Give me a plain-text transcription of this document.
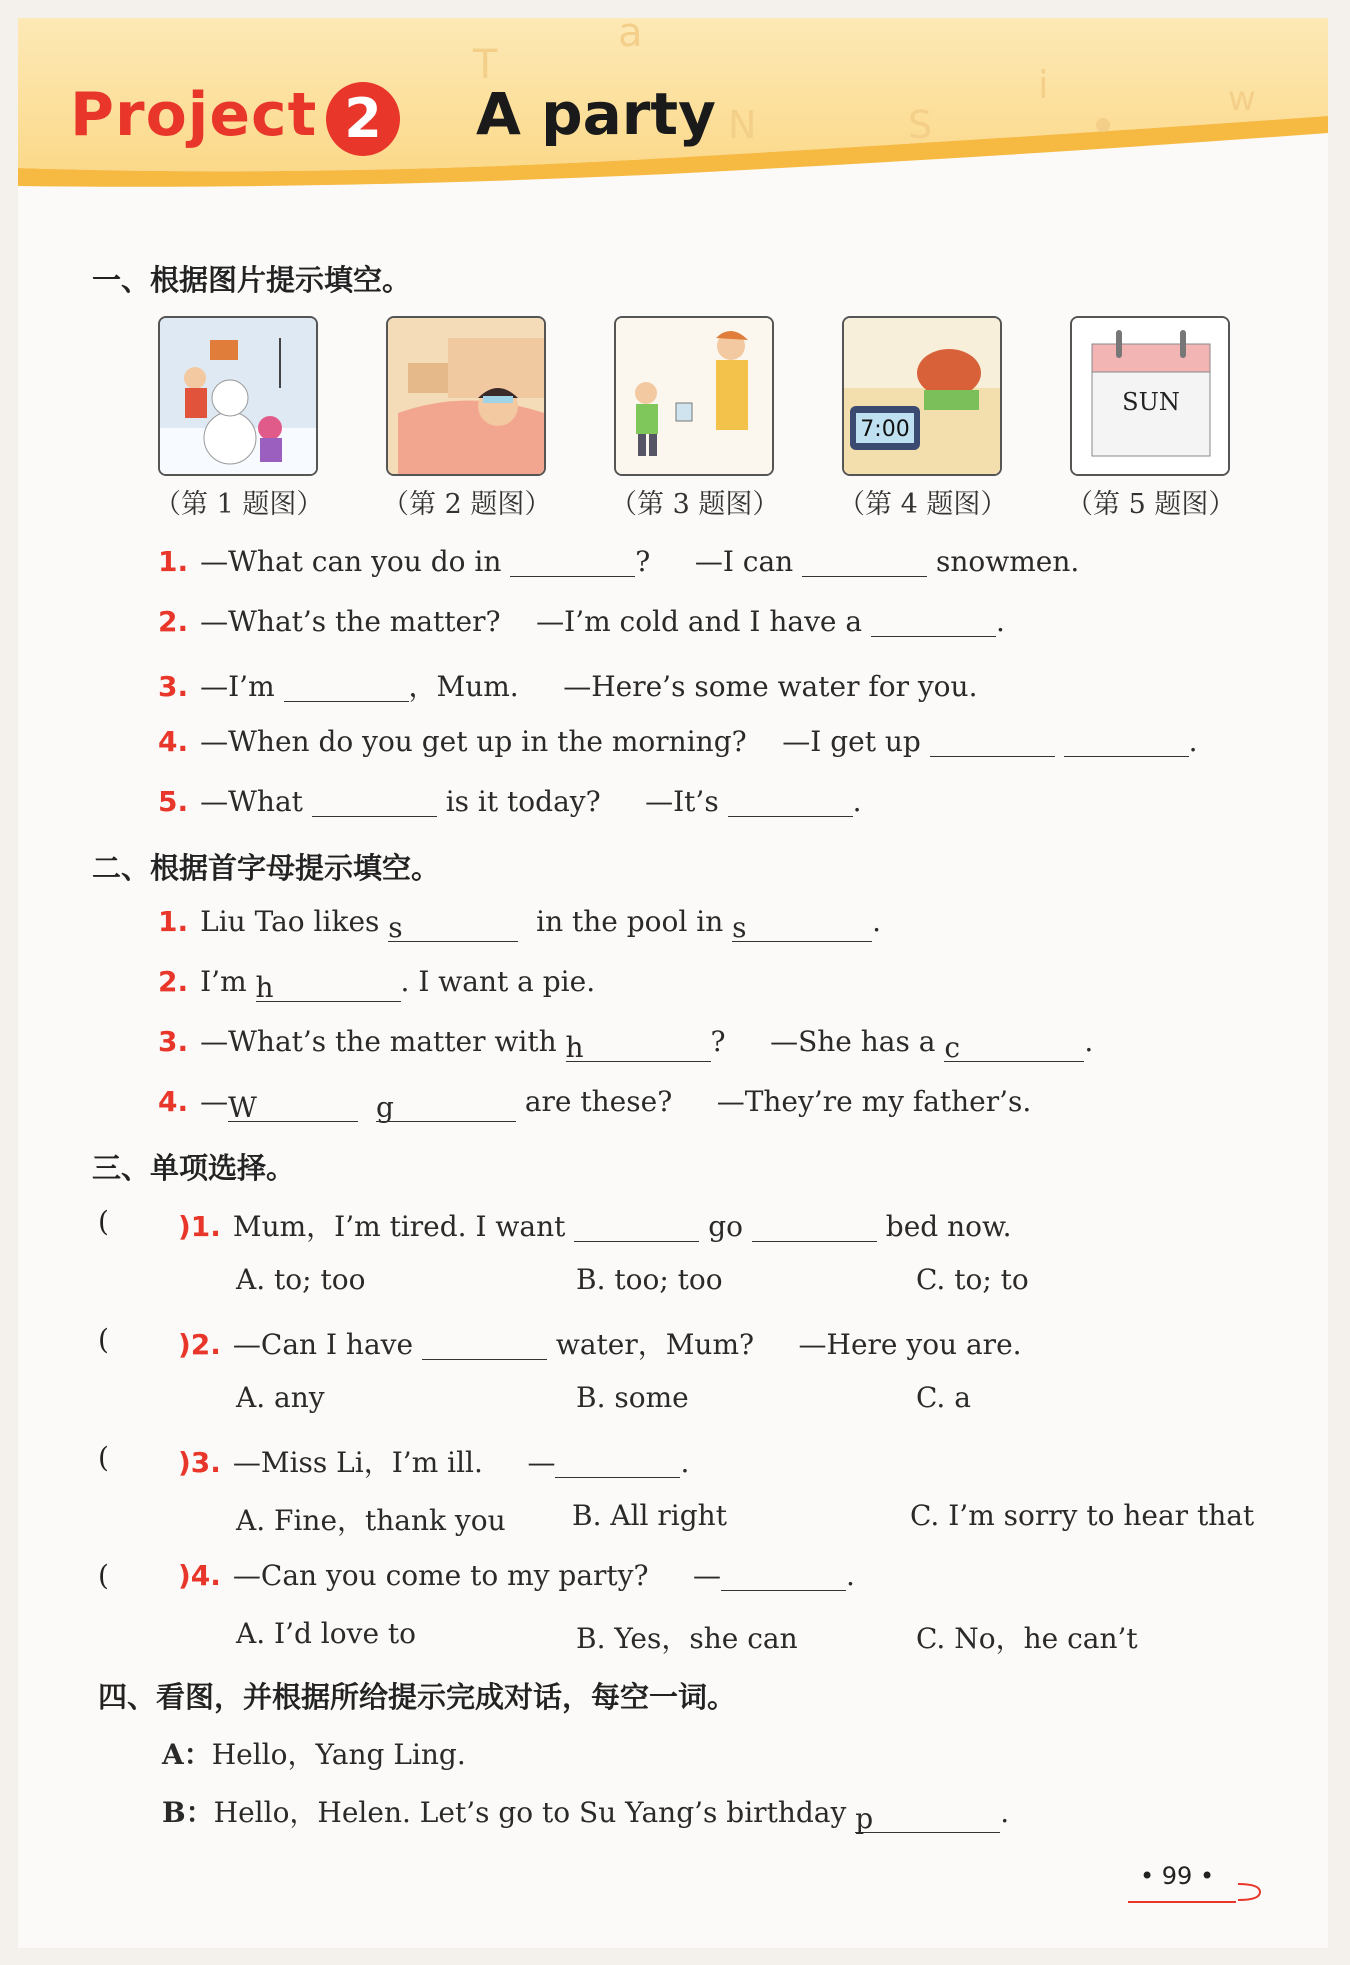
T
a
N	S
i	w
Project 2	A party
一、根据图片提示填空。
7:00
SUN
（第 1 题图） （第 2 题图） （第 3 题图） （第 4 题图） （第 5 题图）
1. —What can you do in	? —I can	snowmen.
2. —What’s the matter? —I’m cold and I have a	.
3. —I’m	，Mum. —Here’s some water for you.
4. —When do you get up in the morning? —I get up	.
5. —What	is it today? —It’s	.
二、根据首字母提示填空。
1. Liu Tao likes s	in the pool in s	.
2. I’m h	. I want a pie.
3. —What’s the matter with h	? —She has a c	.
4. —W	g	are these? —They’re my father’s.
三、单项选择。
( )1. Mum，I’m tired. I want	go	bed now.
A. to; too	B. too; too	C. to; to
( )2. —Can I have	water，Mum? —Here you are.
A. any	B. some	C. a
( )3. —Miss Li，I’m ill. —	.
A. Fine，thank you B. All right	C. I’m sorry to hear that
( )4. —Can you come to my party? —	.
A. I’d love to	B. Yes，she can	C. No，he can’t
四、看图，并根据所给提示完成对话，每空一词。
A：Hello，Yang Ling.
B：Hello，Helen. Let’s go to Su Yang’s birthday p	.
• 99 •
